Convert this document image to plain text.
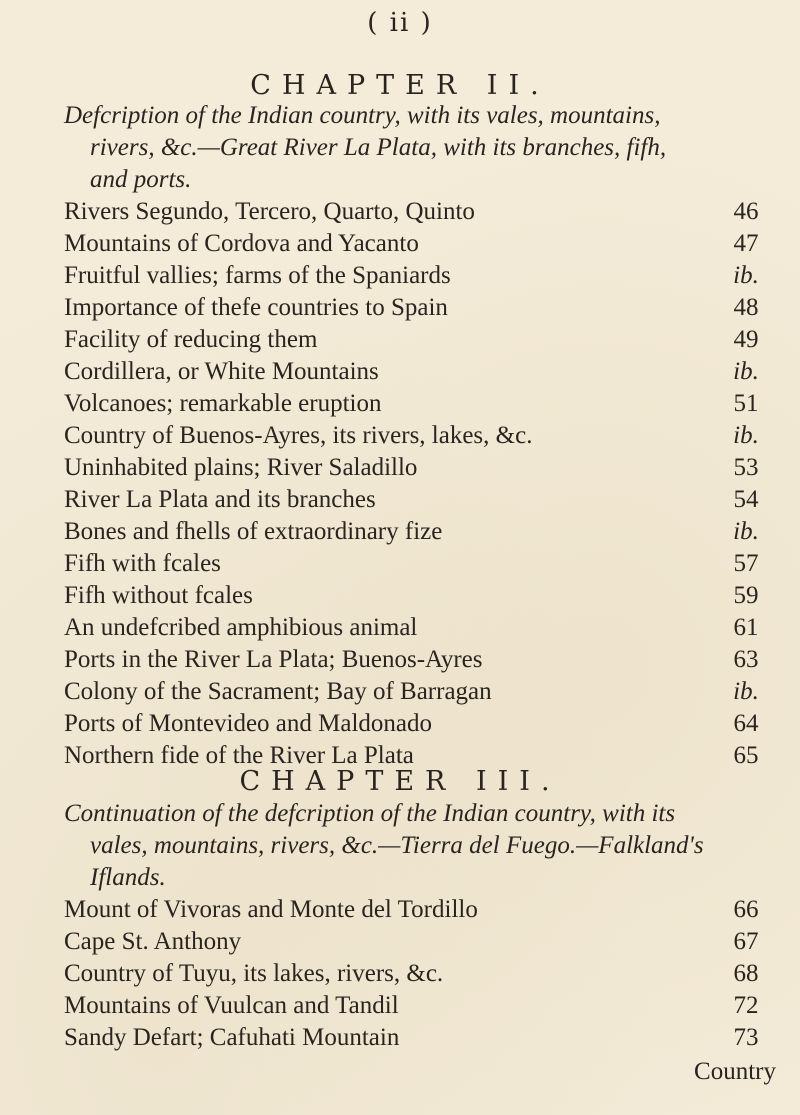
( ii )
CHAPTER II.
Defcription of the Indian country, with its vales, mountains,
rivers, &c.—Great River La Plata, with its branches, fifh,
and ports.
Rivers Segundo, Tercero, Quarto, Quinto	46
Mountains of Cordova and Yacanto	47
Fruitful vallies; farms of the Spaniards	ib.
Importance of thefe countries to Spain	48
Facility of reducing them	49
Cordillera, or White Mountains	ib.
Volcanoes; remarkable eruption	51
Country of Buenos-Ayres, its rivers, lakes, &c.	ib.
Uninhabited plains; River Saladillo	53
River La Plata and its branches	54
Bones and fhells of extraordinary fize	ib.
Fifh with fcales	57
Fifh without fcales	59
An undefcribed amphibious animal	61
Ports in the River La Plata; Buenos-Ayres	63
Colony of the Sacrament; Bay of Barragan	ib.
Ports of Montevideo and Maldonado	64
Northern fide of the River La Plata	65
CHAPTER III.
Continuation of the defcription of the Indian country, with its
vales, mountains, rivers, &c.—Tierra del Fuego.—Falkland's
Iflands.
Mount of Vivoras and Monte del Tordillo	66
Cape St. Anthony	67
Country of Tuyu, its lakes, rivers, &c.	68
Mountains of Vuulcan and Tandil	72
Sandy Defart; Cafuhati Mountain	73
Country
